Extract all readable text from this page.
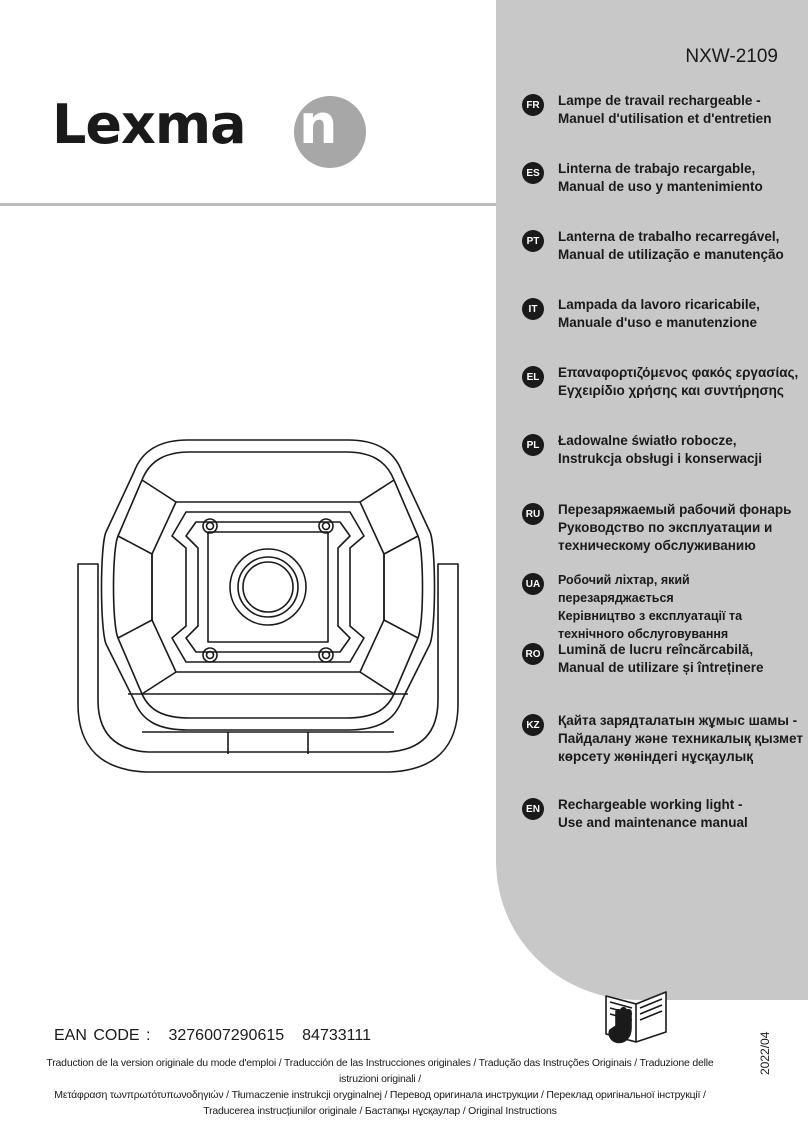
NXW-2109
Lexma n	FR	Lampe de travail rechargeable -
Manuel d'utilisation et d'entretien
ES	Linterna de trabajo recargable,
Manual de uso y mantenimiento
PT	Lanterna de trabalho recarregável,
Manual de utilização e manutenção
IT	Lampada da lavoro ricaricabile,
Manuale d'uso e manutenzione
EL	Επαναφορτιζόμενος φακός εργασίας,
Εγχειρίδιο χρήσης και συντήρησης
PL	Ładowalne światło robocze,
Instrukcja obsługi i konserwacji
RU Перезаряжаемый рабочий фонарь
Руководство по эксплуатации и
техническому обслуживанию
UA	Робочий ліхтар, який перезаряджається
Керівництво з експлуатації та
технічного обслуговування
RO Lumină de lucru reîncărcabilă,
Manual de utilizare și întreținere
KZ	Қайта зарядталатын жұмыс шамы -
Пайдалану және техникалық қызмет
көрсету жөніндегі нұсқаулық
EN Rechargeable working light -
Use and maintenance manual
EAN CODE : 3276007290615 84733111
Traduction de la version originale du mode d'emploi / Traducción de las Instrucciones originales / Tradução das Instruções Originais / Traduzione delle istruzioni originali /
Μετάφραση τωνπρωτότυπωνοδηγιών / Tłumaczenie instrukcji oryginalnej / Перевод оригинала инструкции / Переклад оригінальної інструкції /
Traducerea instrucțiunilor originale / Бастапқы нұсқаулар / Original Instructions
2022/04
